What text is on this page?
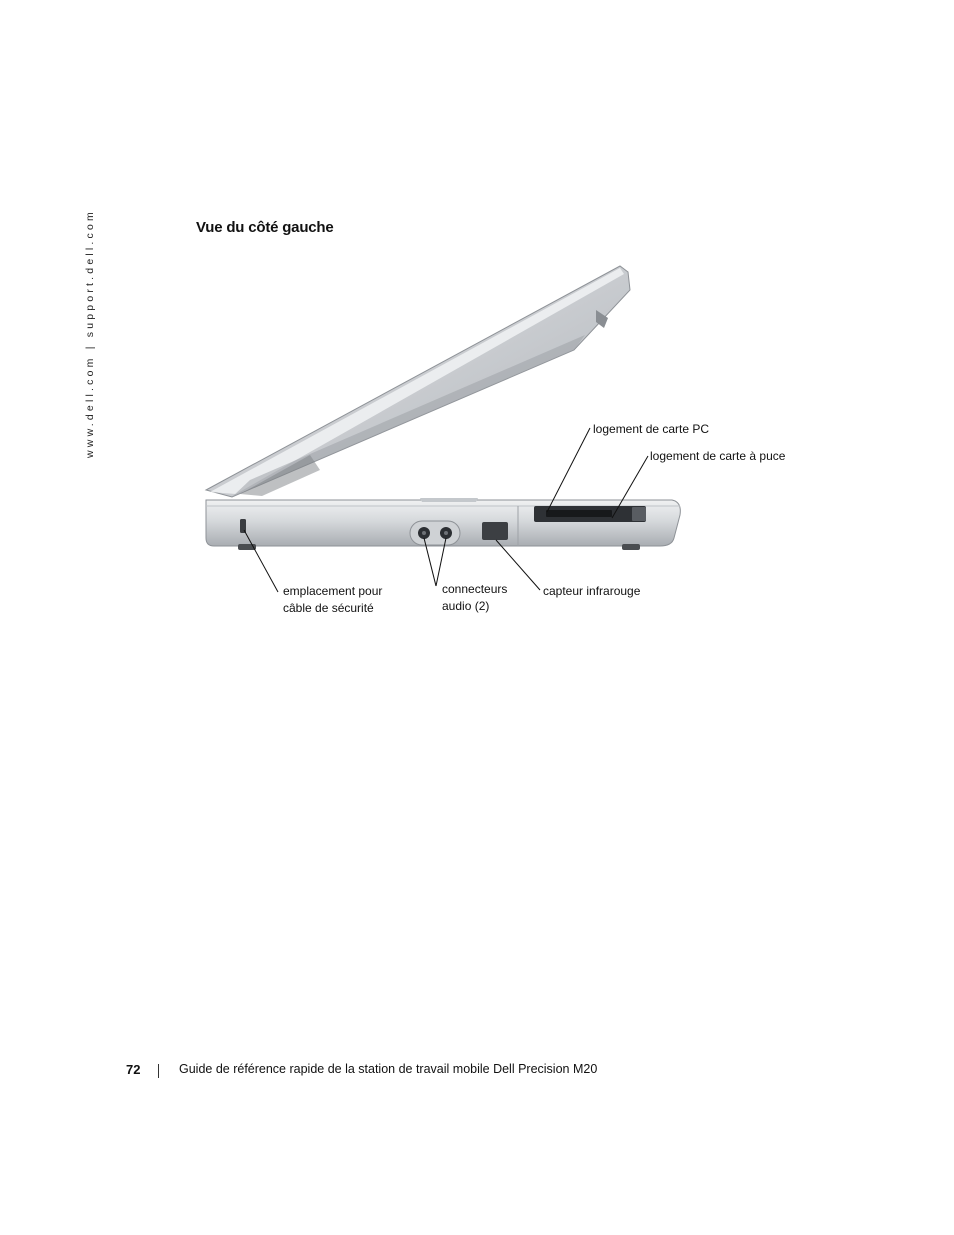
www.dell.com | support.dell.com	Vue du côté gauche
logement de carte PC
logement de carte à puce
emplacement pour
câble de sécurité
connecteurs
audio (2)
capteur infrarouge
72	Guide de référence rapide de la station de travail mobile Dell Precision M20
